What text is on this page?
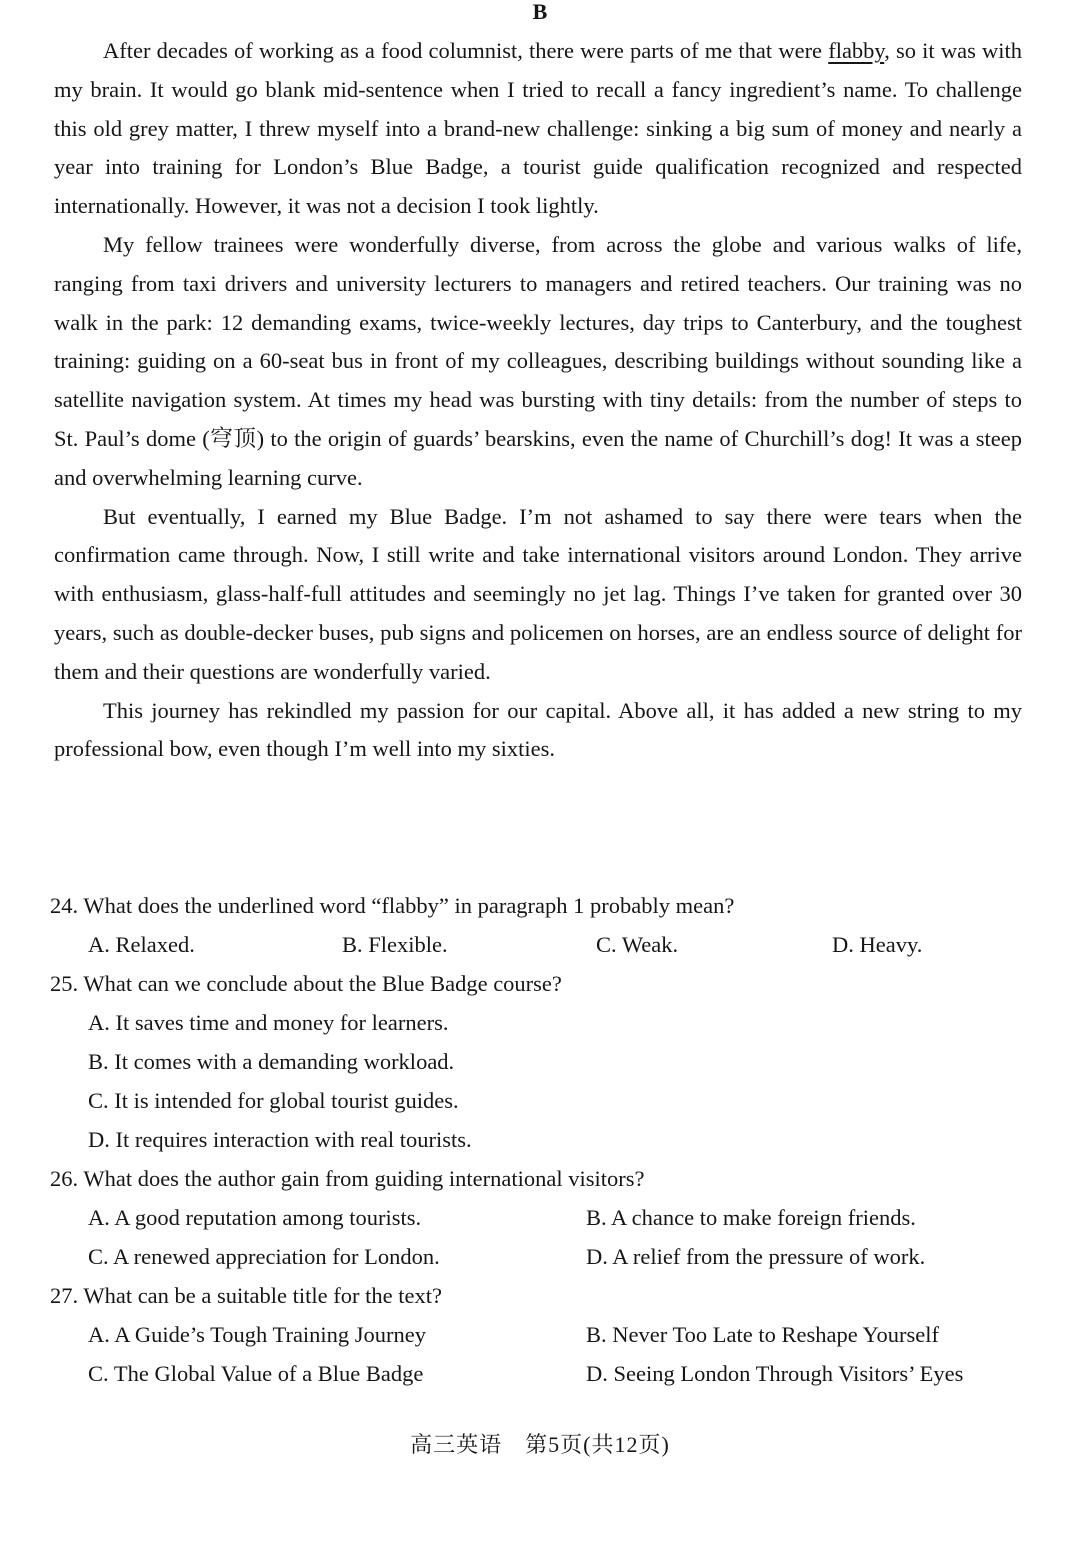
B

After decades of working as a food columnist, there were parts of me that were flabby, so it was with my brain. It would go blank mid-sentence when I tried to recall a fancy ingredient’s name. To challenge this old grey matter, I threw myself into a brand-new challenge: sinking a big sum of money and nearly a year into training for London’s Blue Badge, a tourist guide qualification recognized and respected internationally. However, it was not a decision I took lightly.

My fellow trainees were wonderfully diverse, from across the globe and various walks of life, ranging from taxi drivers and university lecturers to managers and retired teachers. Our training was no walk in the park: 12 demanding exams, twice-weekly lectures, day trips to Canterbury, and the toughest training: guiding on a 60-seat bus in front of my colleagues, describing buildings without sounding like a satellite navigation system. At times my head was bursting with tiny details: from the number of steps to St. Paul’s dome (穹顶) to the origin of guards’ bearskins, even the name of Churchill’s dog! It was a steep and overwhelming learning curve.

But eventually, I earned my Blue Badge. I’m not ashamed to say there were tears when the confirmation came through. Now, I still write and take international visitors around London. They arrive with enthusiasm, glass-half-full attitudes and seemingly no jet lag. Things I’ve taken for granted over 30 years, such as double-decker buses, pub signs and policemen on horses, are an endless source of delight for them and their questions are wonderfully varied.

This journey has rekindled my passion for our capital. Above all, it has added a new string to my professional bow, even though I’m well into my sixties.

24. What does the underlined word “flabby” in paragraph 1 probably mean?
A. Relaxed.	B. Flexible.	C. Weak.	D. Heavy.
25. What can we conclude about the Blue Badge course?
A. It saves time and money for learners.
B. It comes with a demanding workload.
C. It is intended for global tourist guides.
D. It requires interaction with real tourists.
26. What does the author gain from guiding international visitors?
A. A good reputation among tourists.	B. A chance to make foreign friends.
C. A renewed appreciation for London.	D. A relief from the pressure of work.
27. What can be a suitable title for the text?
A. A Guide’s Tough Training Journey	B. Never Too Late to Reshape Yourself
C. The Global Value of a Blue Badge	D. Seeing London Through Visitors’ Eyes
高三英语　第5页(共12页)
